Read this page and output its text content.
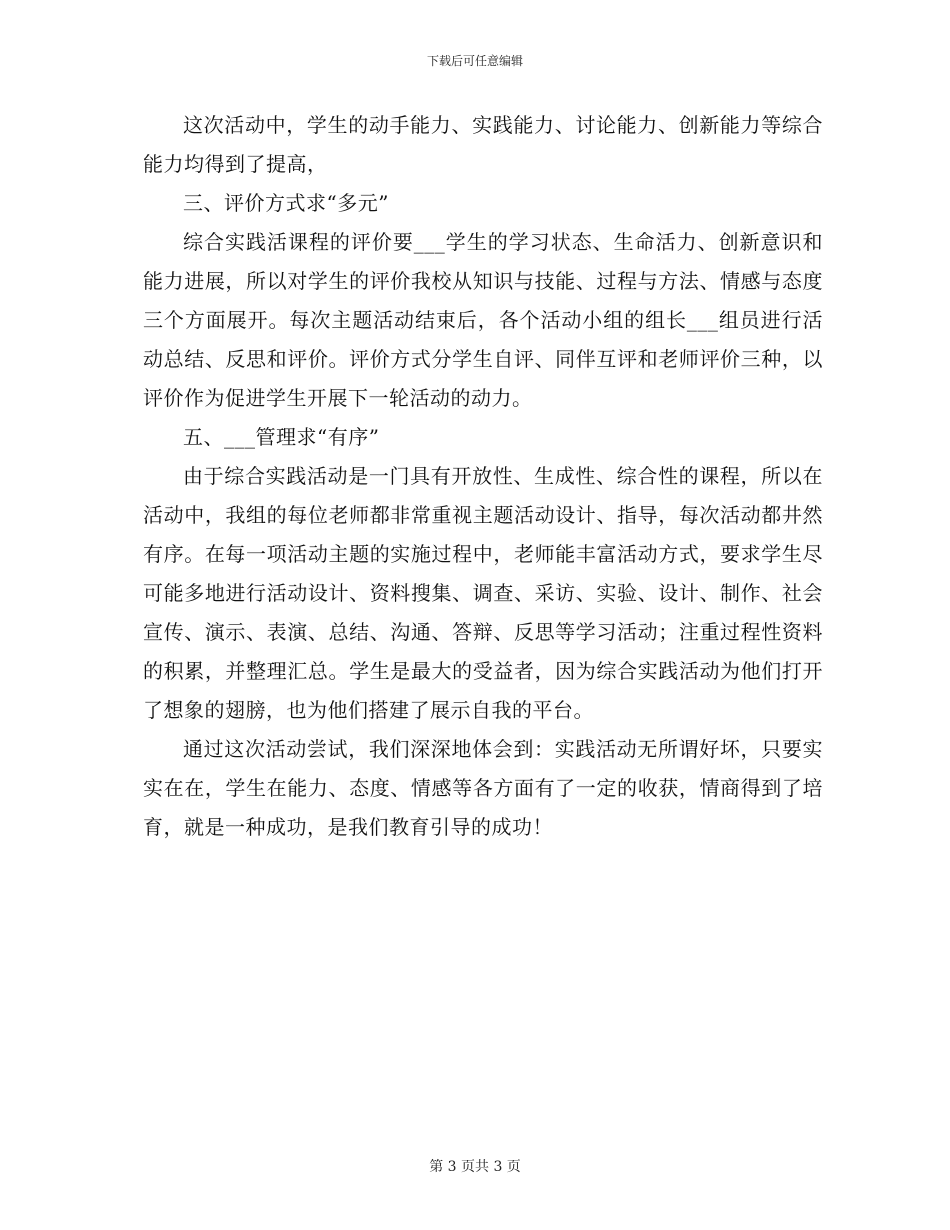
下载后可任意编辑

这次活动中，学生的动手能力、实践能力、讨论能力、创新能力等综合能力均得到了提高，

三、评价方式求“多元”

综合实践活课程的评价要___学生的学习状态、生命活力、创新意识和能力进展，所以对学生的评价我校从知识与技能、过程与方法、情感与态度三个方面展开。每次主题活动结束后，各个活动小组的组长___组员进行活动总结、反思和评价。评价方式分学生自评、同伴互评和老师评价三种，以评价作为促进学生开展下一轮活动的动力。

五、___管理求“有序”

由于综合实践活动是一门具有开放性、生成性、综合性的课程，所以在活动中，我组的每位老师都非常重视主题活动设计、指导，每次活动都井然有序。在每一项活动主题的实施过程中，老师能丰富活动方式，要求学生尽可能多地进行活动设计、资料搜集、调查、采访、实验、设计、制作、社会宣传、演示、表演、总结、沟通、答辩、反思等学习活动；注重过程性资料的积累，并整理汇总。学生是最大的受益者，因为综合实践活动为他们打开了想象的翅膀，也为他们搭建了展示自我的平台。

通过这次活动尝试，我们深深地体会到：实践活动无所谓好坏，只要实实在在，学生在能力、态度、情感等各方面有了一定的收获，情商得到了培育，就是一种成功，是我们教育引导的成功！

第 3 页共 3 页
